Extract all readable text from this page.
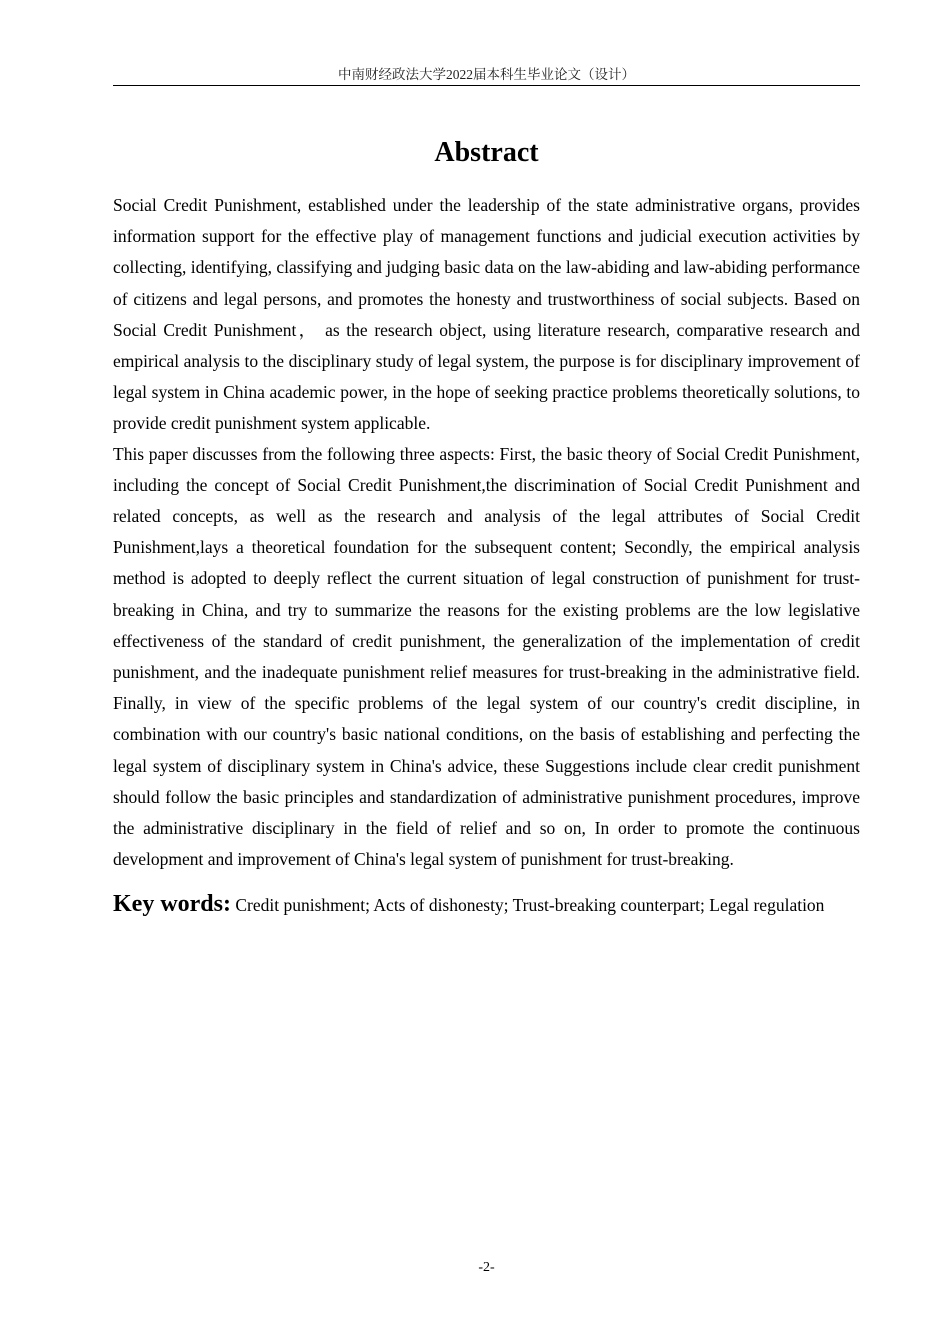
中南财经政法大学2022届本科生毕业论文（设计）
Abstract

Social Credit Punishment, established under the leadership of the state administrative organs, provides information support for the effective play of management functions and judicial execution activities by collecting, identifying, classifying and judging basic data on the law-abiding and law-abiding performance of citizens and legal persons, and promotes the honesty and trustworthiness of social subjects. Based on Social Credit Punishment， as the research object, using literature research, comparative research and empirical analysis to the disciplinary study of legal system, the purpose is for disciplinary improvement of legal system in China academic power, in the hope of seeking practice problems theoretically solutions, to provide credit punishment system applicable.

This paper discusses from the following three aspects: First, the basic theory of Social Credit Punishment, including the concept of Social Credit Punishment,the discrimination of Social Credit Punishment and related concepts, as well as the research and analysis of the legal attributes of Social Credit Punishment,lays a theoretical foundation for the subsequent content; Secondly, the empirical analysis method is adopted to deeply reflect the current situation of legal construction of punishment for trust-breaking in China, and try to summarize the reasons for the existing problems are the low legislative effectiveness of the standard of credit punishment, the generalization of the implementation of credit punishment, and the inadequate punishment relief measures for trust-breaking in the administrative field. Finally, in view of the specific problems of the legal system of our country's credit discipline, in combination with our country's basic national conditions, on the basis of establishing and perfecting the legal system of disciplinary system in China's advice, these Suggestions include clear credit punishment should follow the basic principles and standardization of administrative punishment procedures, improve the administrative disciplinary in the field of relief and so on, In order to promote the continuous development and improvement of China's legal system of punishment for trust-breaking.

Key words: Credit punishment; Acts of dishonesty; Trust-breaking counterpart; Legal regulation

-2-
